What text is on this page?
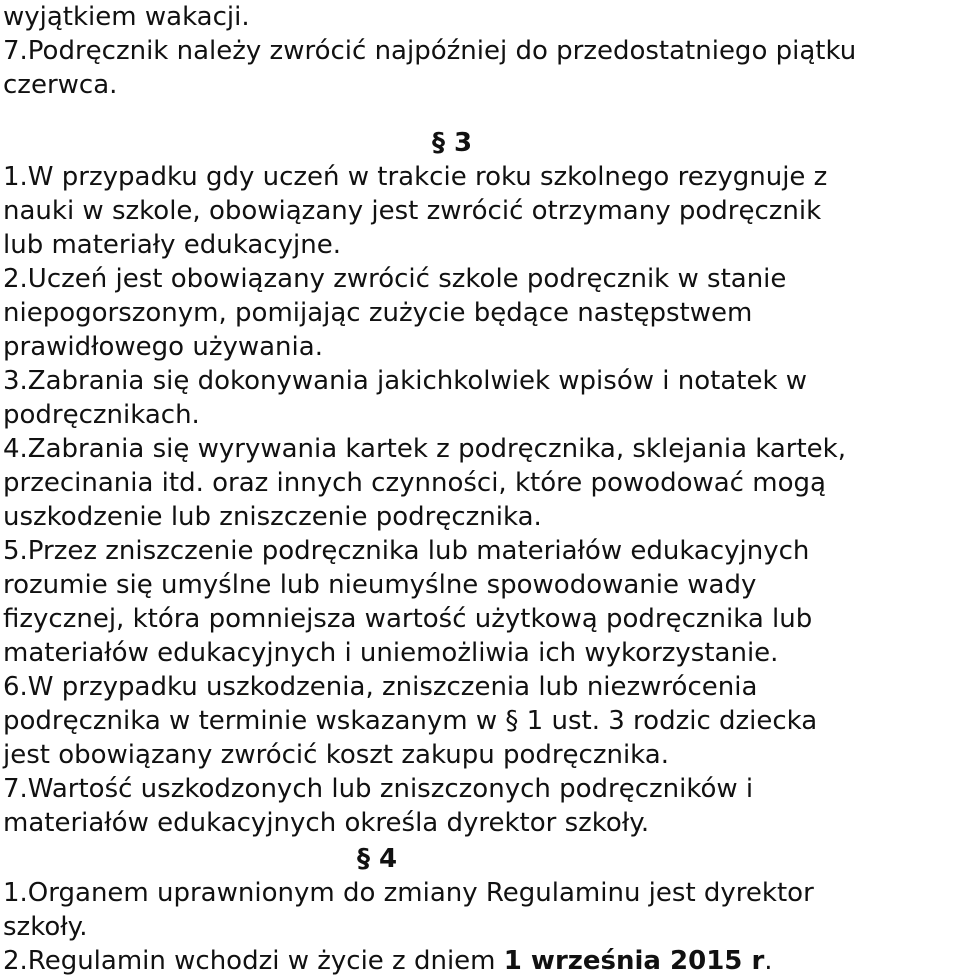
wyjątkiem wakacji.
7.Podręcznik należy zwrócić najpóźniej do przedostatniego piątku
czerwca.
§ 3
1.W przypadku gdy uczeń w trakcie roku szkolnego rezygnuje z
nauki w szkole, obowiązany jest zwrócić otrzymany podręcznik
lub materiały edukacyjne.
2.Uczeń jest obowiązany zwrócić szkole podręcznik w stanie
niepogorszonym, pomijając zużycie będące następstwem
prawidłowego używania.
3.Zabrania się dokonywania jakichkolwiek wpisów i notatek w
podręcznikach.
4.Zabrania się wyrywania kartek z podręcznika, sklejania kartek,
przecinania itd. oraz innych czynności, które powodować mogą
uszkodzenie lub zniszczenie podręcznika.
5.Przez zniszczenie podręcznika lub materiałów edukacyjnych
rozumie się umyślne lub nieumyślne spowodowanie wady
fizycznej, która pomniejsza wartość użytkową podręcznika lub
materiałów edukacyjnych i uniemożliwia ich wykorzystanie.
6.W przypadku uszkodzenia, zniszczenia lub niezwrócenia
podręcznika w terminie wskazanym w § 1 ust. 3 rodzic dziecka
jest obowiązany zwrócić koszt zakupu podręcznika.
7.Wartość uszkodzonych lub zniszczonych podręczników i
materiałów edukacyjnych określa dyrektor szkoły.
§ 4
1.Organem uprawnionym do zmiany Regulaminu jest dyrektor
szkoły.
2.Regulamin wchodzi w życie z dniem 1 września 2015 r.
